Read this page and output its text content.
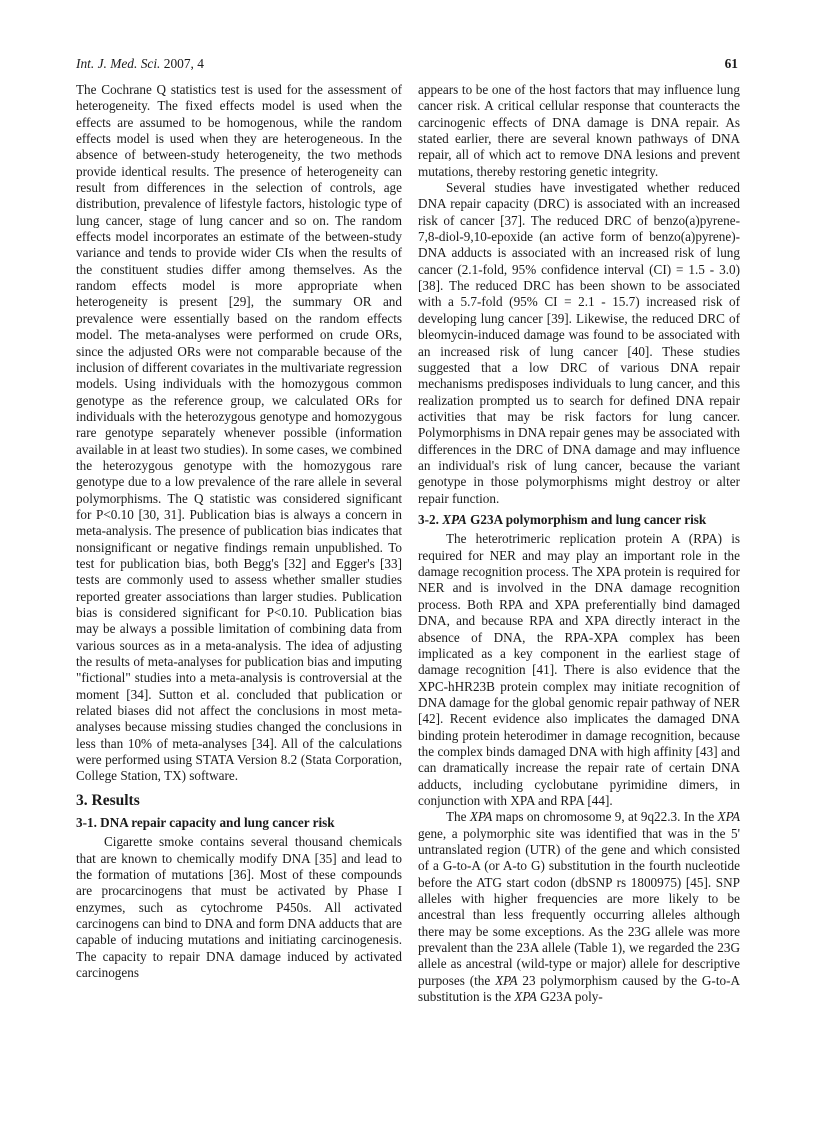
Int. J. Med. Sci. 2007, 4	61

The Cochrane Q statistics test is used for the assessment of heterogeneity. The fixed effects model is used when the effects are assumed to be homogenous, while the random effects model is used when they are heterogeneous. In the absence of between-study heterogeneity, the two methods provide identical results. The presence of heterogeneity can result from differences in the selection of controls, age distribution, prevalence of lifestyle factors, histologic type of lung cancer, stage of lung cancer and so on. The random effects model incorporates an estimate of the between-study variance and tends to provide wider CIs when the results of the constituent studies differ among themselves. As the random effects model is more appropriate when heterogeneity is present [29], the summary OR and prevalence were essentially based on the random effects model. The meta-analyses were performed on crude ORs, since the adjusted ORs were not comparable because of the inclusion of different covariates in the multivariate regression models. Using individuals with the homozygous common genotype as the reference group, we calculated ORs for individuals with the heterozygous genotype and homozygous rare genotype separately whenever possible (information available in at least two studies). In some cases, we combined the heterozygous genotype with the homozygous rare genotype due to a low prevalence of the rare allele in several polymorphisms. The Q statistic was considered significant for P<0.10 [30, 31]. Publication bias is always a concern in meta-analysis. The presence of publication bias indicates that nonsignificant or negative findings remain unpublished. To test for publication bias, both Begg's [32] and Egger's [33] tests are commonly used to assess whether smaller studies reported greater associations than larger studies. Publication bias is considered significant for P<0.10. Publication bias may be always a possible limitation of combining data from various sources as in a meta-analysis. The idea of adjusting the results of meta-analyses for publication bias and imputing "fictional" studies into a meta-analysis is controversial at the moment [34]. Sutton et al. concluded that publication or related biases did not affect the conclusions in most meta-analyses because missing studies changed the conclusions in less than 10% of meta-analyses [34]. All of the calculations were performed using STATA Version 8.2 (Stata Corporation, College Station, TX) software.

3. Results
3-1. DNA repair capacity and lung cancer risk

Cigarette smoke contains several thousand chemicals that are known to chemically modify DNA [35] and lead to the formation of mutations [36]. Most of these compounds are procarcinogens that must be activated by Phase I enzymes, such as cytochrome P450s. All activated carcinogens can bind to DNA and form DNA adducts that are capable of inducing mutations and initiating carcinogenesis. The capacity to repair DNA damage induced by activated carcinogens

appears to be one of the host factors that may influence lung cancer risk. A critical cellular response that counteracts the carcinogenic effects of DNA damage is DNA repair. As stated earlier, there are several known pathways of DNA repair, all of which act to remove DNA lesions and prevent mutations, thereby restoring genetic integrity.

Several studies have investigated whether reduced DNA repair capacity (DRC) is associated with an increased risk of cancer [37]. The reduced DRC of benzo(a)pyrene-7,8-diol-9,10-epoxide (an active form of benzo(a)pyrene)-DNA adducts is associated with an increased risk of lung cancer (2.1-fold, 95% confidence interval (CI) = 1.5 - 3.0) [38]. The reduced DRC has been shown to be associated with a 5.7-fold (95% CI = 2.1 - 15.7) increased risk of developing lung cancer [39]. Likewise, the reduced DRC of bleomycin-induced damage was found to be associated with an increased risk of lung cancer [40]. These studies suggested that a low DRC of various DNA repair mechanisms predisposes individuals to lung cancer, and this realization prompted us to search for defined DNA repair activities that may be risk factors for lung cancer. Polymorphisms in DNA repair genes may be associated with differences in the DRC of DNA damage and may influence an individual's risk of lung cancer, because the variant genotype in those polymorphisms might destroy or alter repair function.

3-2. XPA G23A polymorphism and lung cancer risk

The heterotrimeric replication protein A (RPA) is required for NER and may play an important role in the damage recognition process. The XPA protein is required for NER and is involved in the DNA damage recognition process. Both RPA and XPA preferentially bind damaged DNA, and because RPA and XPA directly interact in the absence of DNA, the RPA-XPA complex has been implicated as a key component in the earliest stage of damage recognition [41]. There is also evidence that the XPC-hHR23B protein complex may initiate recognition of DNA damage for the global genomic repair pathway of NER [42]. Recent evidence also implicates the damaged DNA binding protein heterodimer in damage recognition, because the complex binds damaged DNA with high affinity [43] and can dramatically increase the repair rate of certain DNA adducts, including cyclobutane pyrimidine dimers, in conjunction with XPA and RPA [44].

The XPA maps on chromosome 9, at 9q22.3. In the XPA gene, a polymorphic site was identified that was in the 5' untranslated region (UTR) of the gene and which consisted of a G-to-A (or A-to G) substitution in the fourth nucleotide before the ATG start codon (dbSNP rs 1800975) [45]. SNP alleles with higher frequencies are more likely to be ancestral than less frequently occurring alleles although there may be some exceptions. As the 23G allele was more prevalent than the 23A allele (Table 1), we regarded the 23G allele as ancestral (wild-type or major) allele for descriptive purposes (the XPA 23 polymorphism caused by the G-to-A substitution is the XPA G23A poly-
